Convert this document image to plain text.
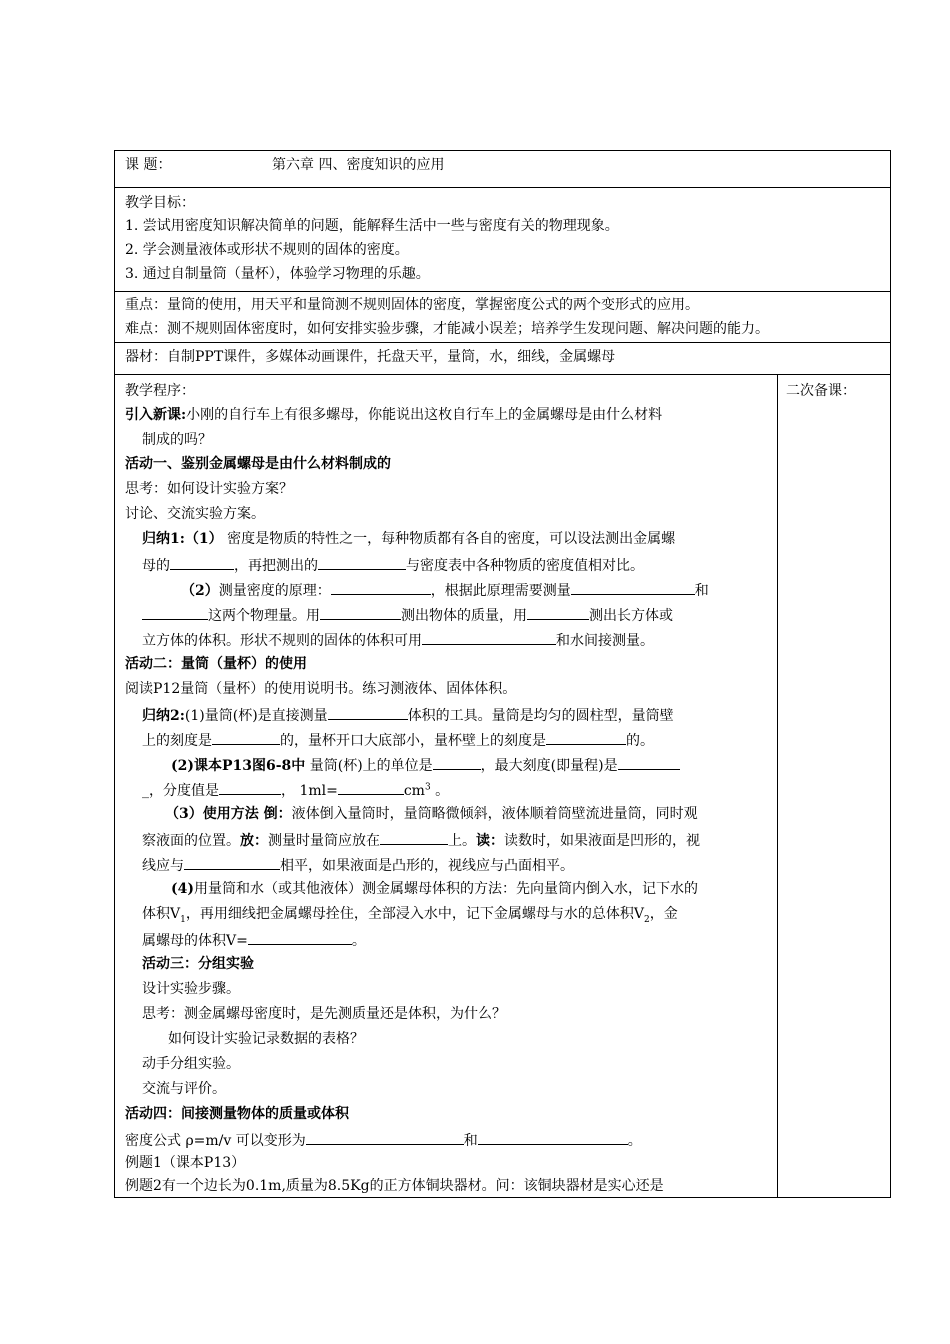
课 题：	第六章 四、密度知识的应用
教学目标：
1. 尝试用密度知识解决简单的问题，能解释生活中一些与密度有关的物理现象。
2. 学会测量液体或形状不规则的固体的密度。
3. 通过自制量筒（量杯），体验学习物理的乐趣。
重点：量筒的使用，用天平和量筒测不规则固体的密度，掌握密度公式的两个变形式的应用。
难点：测不规则固体密度时，如何安排实验步骤，才能减小误差；培养学生发现问题、解决问题的能力。
器材：自制PPT课件，多媒体动画课件，托盘天平，量筒，水，细线，金属螺母
二次备课：
教学程序：
引入新课:小刚的自行车上有很多螺母，你能说出这枚自行车上的金属螺母是由什么材料
制成的吗？
活动一、鉴别金属螺母是由什么材料制成的
思考：如何设计实验方案？
讨论、交流实验方案。
归纳1:（1） 密度是物质的特性之一，每种物质都有各自的密度，可以设法测出金属螺
母的	，再把测出的	与密度表中各种物质的密度值相对比。
（2）测量密度的原理：	，根据此原理需要测量	和
这两个物理量。用	测出物体的质量，用	测出长方体或
立方体的体积。形状不规则的固体的体积可用	和水间接测量。
活动二：量筒（量杯）的使用
阅读P12量筒（量杯）的使用说明书。练习测液体、固体体积。
归纳2:(1)量筒(杯)是直接测量	体积的工具。量筒是均匀的圆柱型，量筒壁
上的刻度是	的，量杯开口大底部小，量杯壁上的刻度是	的。
(2)课本P13图6-8中 量筒(杯)上的单位是	，最大刻度(即量程)是
_，分度值是	， 1ml=	$cm^3$ 。
（3）使用方法 倒：液体倒入量筒时，量筒略微倾斜，液体顺着筒壁流进量筒，同时观
察液面的位置。放：测量时量筒应放在	上。读：读数时，如果液面是凹形的，视
线应与	相平，如果液面是凸形的，视线应与凸面相平。
(4)用量筒和水（或其他液体）测金属螺母体积的方法：先向量筒内倒入水，记下水的
体积$V_1$，再用细线把金属螺母拴住，全部浸入水中，记下金属螺母与水的总体积$V_2$，金
属螺母的体积V=	。
活动三：分组实验
设计实验步骤。
思考：测金属螺母密度时，是先测质量还是体积，为什么？
如何设计实验记录数据的表格？
动手分组实验。
交流与评价。
活动四：间接测量物体的质量或体积
密度公式 ρ=m/v 可以变形为	和	。
例题1（课本P13）
例题2有一个边长为0.1m,质量为8.5Kg的正方体铜块器材。问：该铜块器材是实心还是
